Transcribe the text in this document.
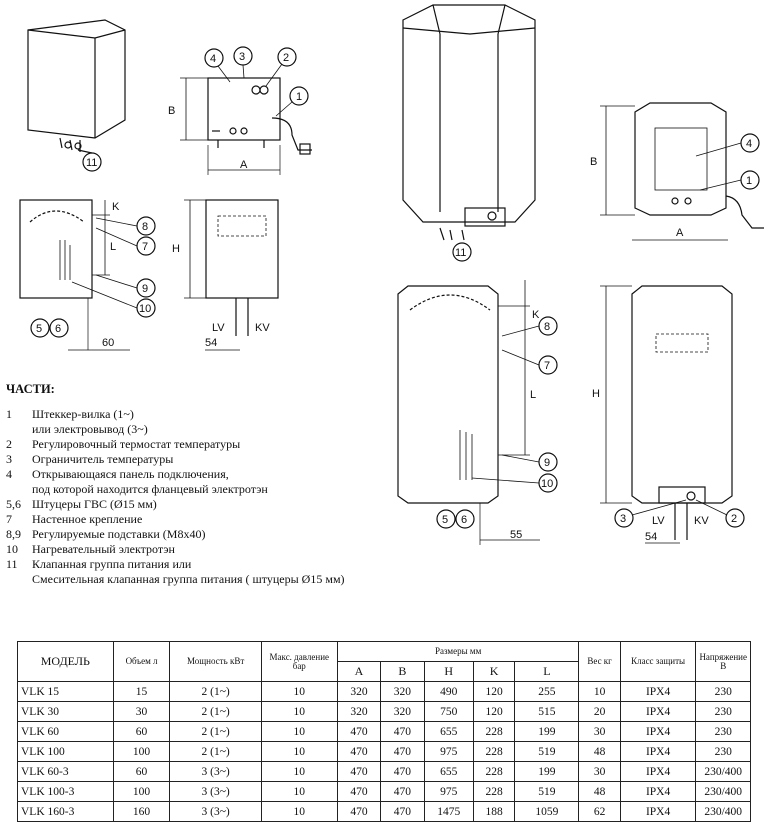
11
4 3	2
1
B
A
8
7
9
10
5 6
K
L
60
H
LV	KV
54
11
4
1
B
A
8
7
9
10
5 6
K
L
55
3	2
H
LV	KV
54
ЧАСТИ:
1	Штеккер-вилка (1~)
или электровывод (3~)
2	Регулировочный термостат температуры
3	Ограничитель температуры
4	Открывающаяся панель подключения,
под которой находится фланцевый электротэн
5,6 Штуцеры ГВС (Ø15 мм)
7	Настенное крепление
8,9 Регулируемые подставки (M8x40)
10	Нагревательный электротэн
11	Клапанная группа питания или
Смесительная клапанная группа питания ( штуцеры Ø15 мм)
МОДЕЛЬ	Объем л	Мощность кВт	Макс. давление бар	Размеры мм					Вес кг	Класс защиты	Напряжение В
				A	B	H	K	L			
VLK 15	15	2 (1~)	10	320	320	490	120	255	10	IPX4	230
VLK 30	30	2 (1~)	10	320	320	750	120	515	20	IPX4	230
VLK 60	60	2 (1~)	10	470	470	655	228	199	30	IPX4	230
VLK 100	100	2 (1~)	10	470	470	975	228	519	48	IPX4	230
VLK 60-3	60	3 (3~)	10	470	470	655	228	199	30	IPX4	230/400
VLK 100-3	100	3 (3~)	10	470	470	975	228	519	48	IPX4	230/400
VLK 160-3	160	3 (3~)	10	470	470	1475	188	1059	62	IPX4	230/400
